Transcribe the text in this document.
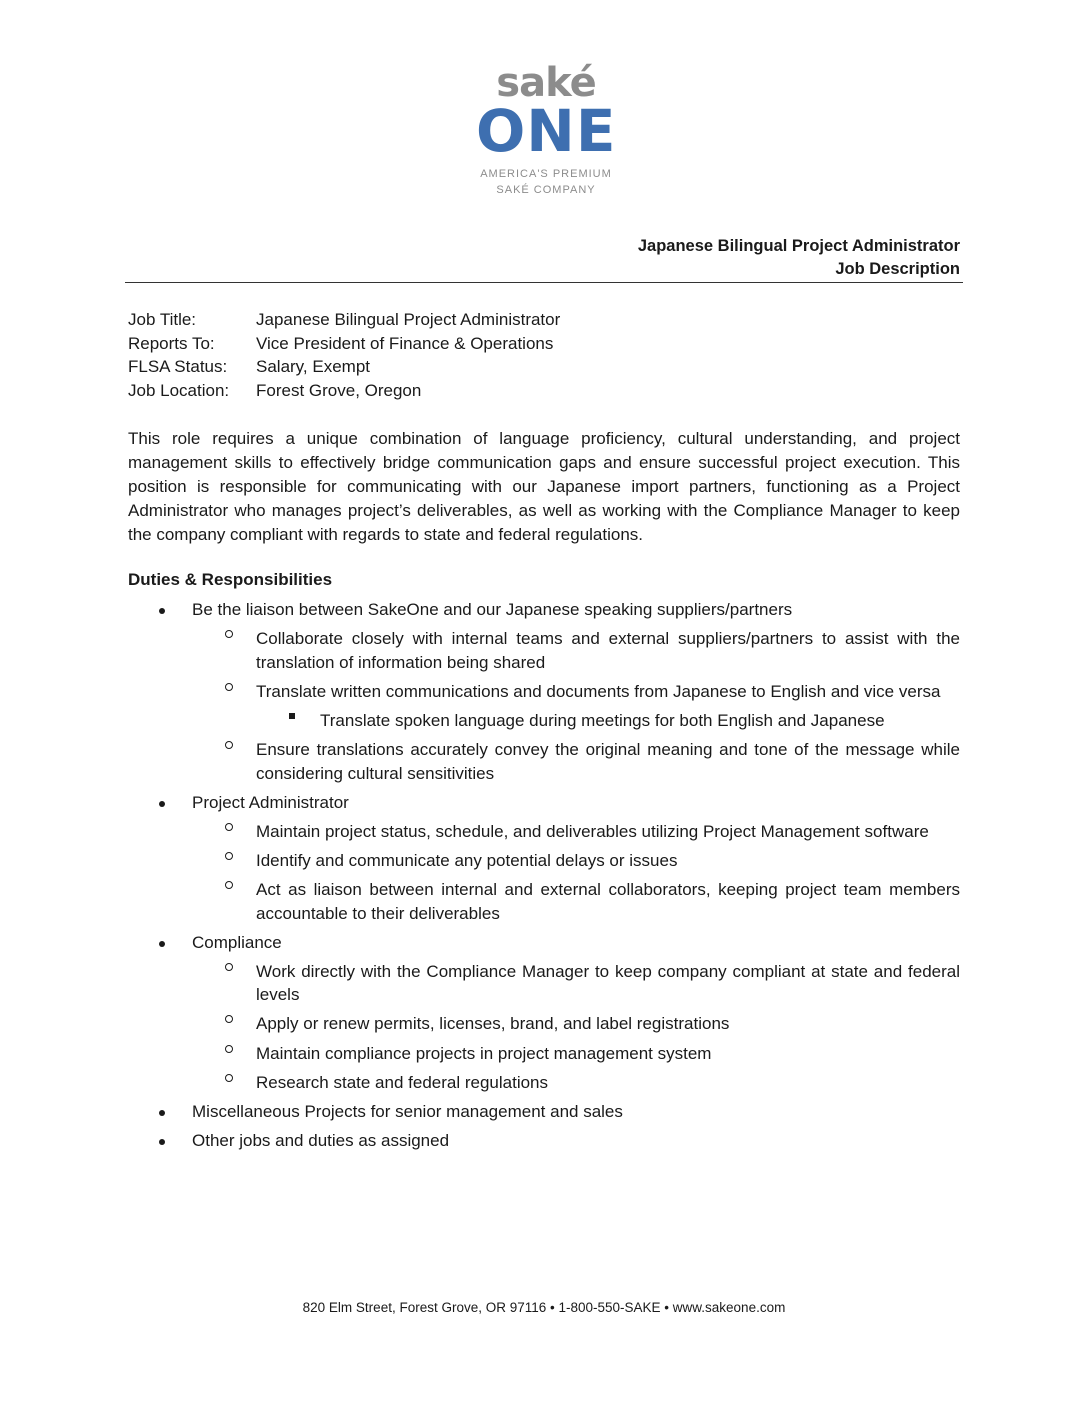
saké
ONE
AMERICA'S PREMIUM
SAKÉ COMPANY
Japanese Bilingual Project Administrator
Job Description
Job Title:	Japanese Bilingual Project Administrator
Reports To:	Vice President of Finance & Operations
FLSA Status:	Salary, Exempt
Job Location:	Forest Grove, Oregon
This role requires a unique combination of language proficiency, cultural understanding, and project management skills to effectively bridge communication gaps and ensure successful project execution. This position is responsible for communicating with our Japanese import partners, functioning as a Project Administrator who manages project’s deliverables, as well as working with the Compliance Manager to keep the company compliant with regards to state and federal regulations.
Duties & Responsibilities
Be the liaison between SakeOne and our Japanese speaking suppliers/partners
Collaborate closely with internal teams and external suppliers/partners to assist with the translation of information being shared
Translate written communications and documents from Japanese to English and vice versa
Translate spoken language during meetings for both English and Japanese
Ensure translations accurately convey the original meaning and tone of the message while considering cultural sensitivities
Project Administrator
Maintain project status, schedule, and deliverables utilizing Project Management software
Identify and communicate any potential delays or issues
Act as liaison between internal and external collaborators, keeping project team members accountable to their deliverables
Compliance
Work directly with the Compliance Manager to keep company compliant at state and federal levels
Apply or renew permits, licenses, brand, and label registrations
Maintain compliance projects in project management system
Research state and federal regulations
Miscellaneous Projects for senior management and sales
Other jobs and duties as assigned
820 Elm Street, Forest Grove, OR 97116 • 1-800-550-SAKE • www.sakeone.com
